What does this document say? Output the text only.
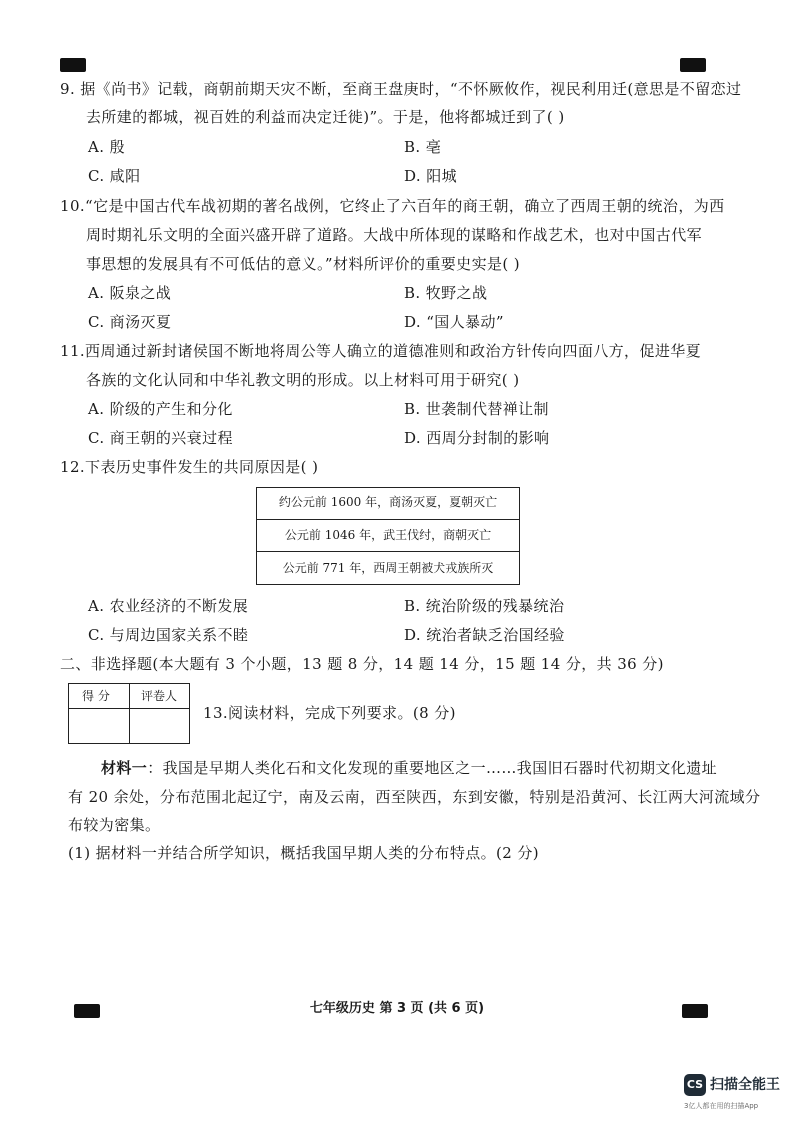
9. 据《尚书》记载，商朝前期天灾不断，至商王盘庚时，“不怀厥攸作，视民利用迁(意思是不留恋过
去所建的都城，视百姓的利益而决定迁徙)”。于是，他将都城迁到了( )
A. 殷	B. 亳
C. 咸阳	D. 阳城
10.“它是中国古代车战初期的著名战例，它终止了六百年的商王朝，确立了西周王朝的统治，为西
周时期礼乐文明的全面兴盛开辟了道路。大战中所体现的谋略和作战艺术，也对中国古代军
事思想的发展具有不可低估的意义。”材料所评价的重要史实是( )
A. 阪泉之战	B. 牧野之战
C. 商汤灭夏	D. “国人暴动”
11.西周通过新封诸侯国不断地将周公等人确立的道德准则和政治方针传向四面八方，促进华夏
各族的文化认同和中华礼教文明的形成。以上材料可用于研究( )
A. 阶级的产生和分化	B. 世袭制代替禅让制
C. 商王朝的兴衰过程	D. 西周分封制的影响
12.下表历史事件发生的共同原因是( )
约公元前 1600 年，商汤灭夏，夏朝灭亡
公元前 1046 年，武王伐纣，商朝灭亡
公元前 771 年，西周王朝被犬戎族所灭
A. 农业经济的不断发展	B. 统治阶级的残暴统治
C. 与周边国家关系不睦	D. 统治者缺乏治国经验
二、非选择题(本大题有 3 个小题，13 题 8 分，14 题 14 分，15 题 14 分，共 36 分)
得 分	评卷人
13.阅读材料，完成下列要求。(8 分)
材料一：我国是早期人类化石和文化发现的重要地区之一……我国旧石器时代初期文化遗址
有 20 余处，分布范围北起辽宁，南及云南，西至陕西，东到安徽，特别是沿黄河、长江两大河流域分
布较为密集。
(1) 据材料一并结合所学知识，概括我国早期人类的分布特点。(2 分)
七年级历史 第 3 页 (共 6 页)
CS 扫描全能王
3亿人都在用的扫描App
